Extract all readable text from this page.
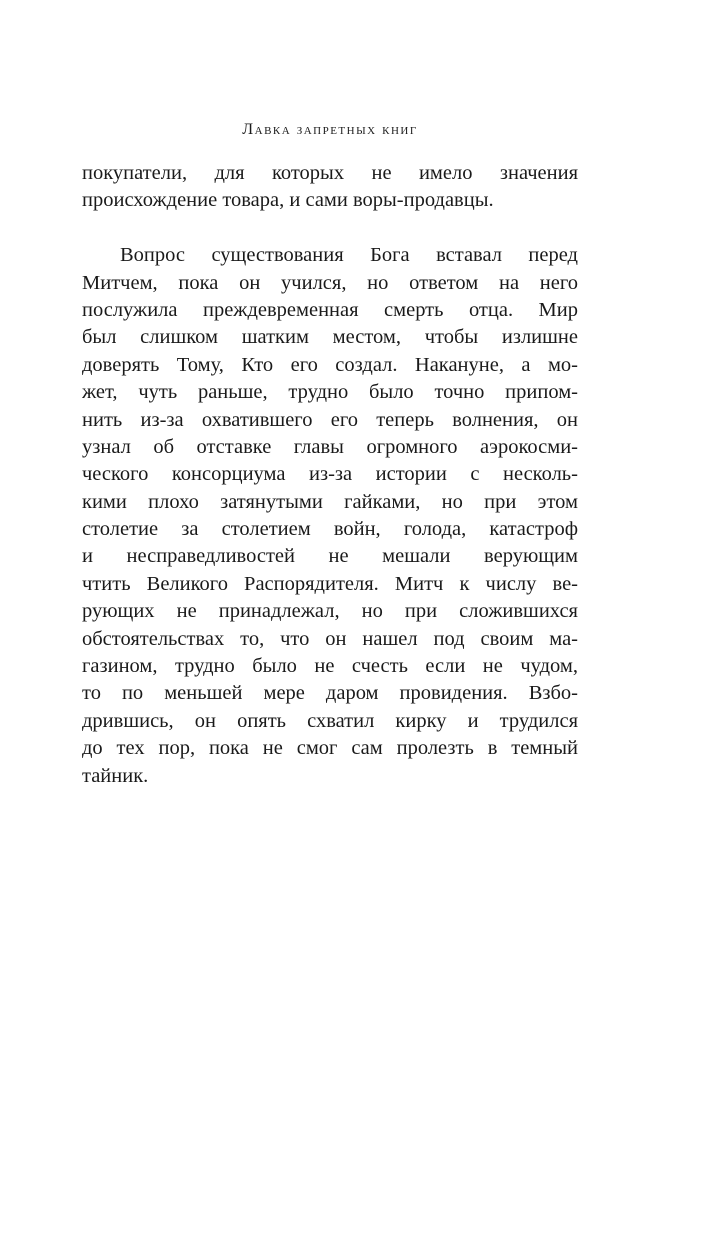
Лавка запретных книг
покупатели, для которых не имело значения
происхождение товара, и сами воры-продавцы.
Вопрос существования Бога вставал перед
Митчем, пока он учился, но ответом на него
послужила преждевременная смерть отца. Мир
был слишком шатким местом, чтобы излишне
доверять Тому, Кто его создал. Накануне, а мо-
жет, чуть раньше, трудно было точно припом-
нить из-за охватившего его теперь волнения, он
узнал об отставке главы огромного аэрокосми-
ческого консорциума из-за истории с несколь-
кими плохо затянутыми гайками, но при этом
столетие за столетием войн, голода, катастроф
и несправедливостей не мешали верующим
чтить Великого Распорядителя. Митч к числу ве-
рующих не принадлежал, но при сложившихся
обстоятельствах то, что он нашел под своим ма-
газином, трудно было не счесть если не чудом,
то по меньшей мере даром провидения. Взбо-
дрившись, он опять схватил кирку и трудился
до тех пор, пока не смог сам пролезть в темный
тайник.
